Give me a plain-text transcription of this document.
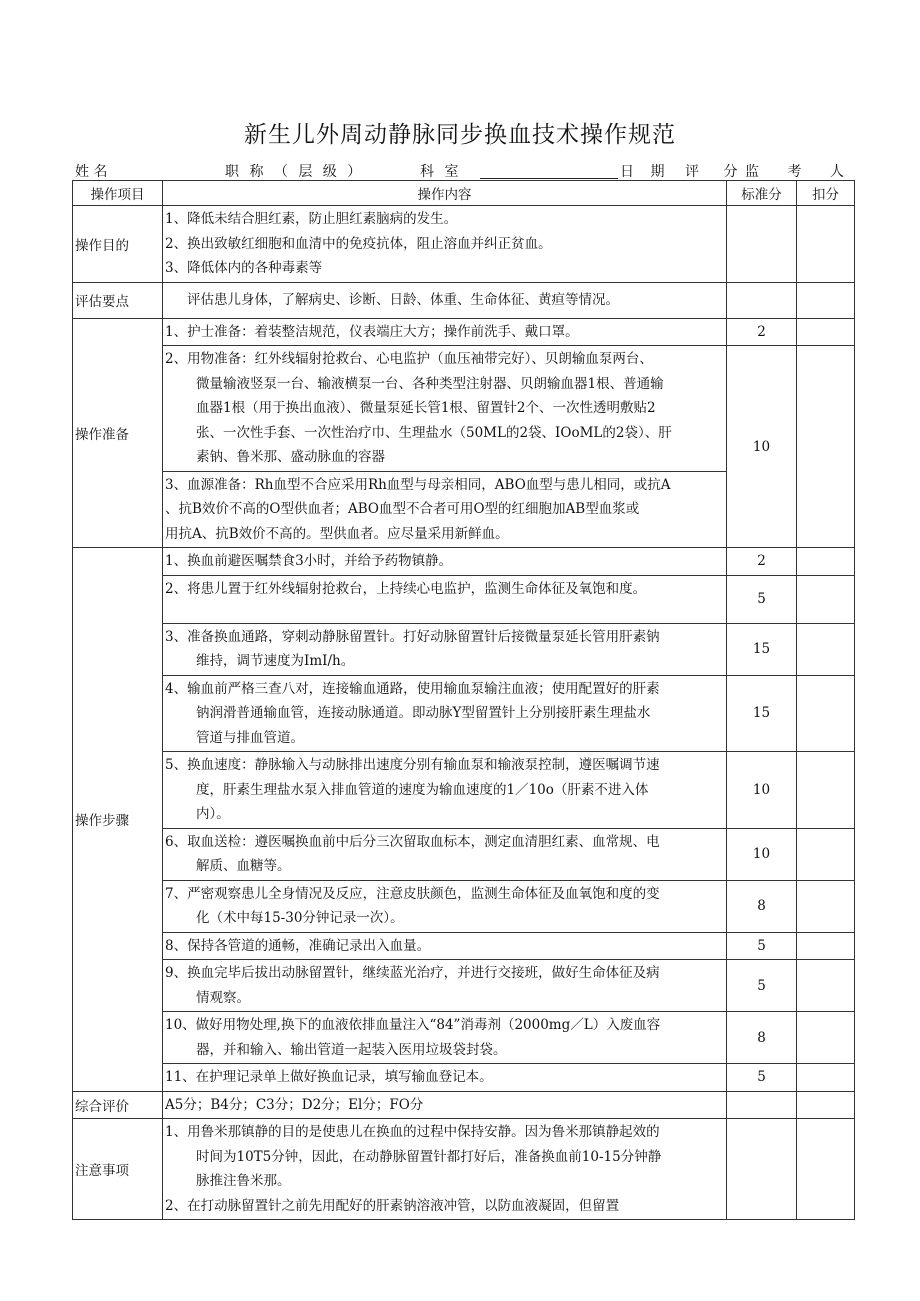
新生儿外周动静脉同步换血技术操作规范
姓 名	职 称 （ 层 级 ）	科 室	日 期 评 分
监 考 人
操作项目	操作内容	标准分	扣分
操作目的	1、降低未结合胆红素，防止胆红素脑病的发生。
2、换出致敏红细胞和血清中的免疫抗体，阻止溶血并纠正贫血。
3、降低体内的各种毒素等		

评估要点	评估患儿身体，了解病史、诊断、日龄、体重、生命体征、黄疸等情况。		

操作准备	1、护士准备：着装整洁规范，仪表端庄大方；操作前洗手、戴口罩。	2	

	2、用物准备：红外线辐射抢救台、心电监护（血压袖带完好）、贝朗输血泵两台、
微量输液竖泵一台、输液横泵一台、各种类型注射器、贝朗输血器1根、普通输
血器1根（用于换出血液）、微量泵延长管1根、留置针2个、一次性透明敷贴2
张、一次性手套、一次性治疗巾、生理盐水（50ML的2袋、IOoML的2袋）、肝
素钠、鲁米那、盛动脉血的容器	10	

	3、血源准备：Rh血型不合应采用Rh血型与母亲相同，ABO血型与患儿相同，或抗A
、抗B效价不高的O型供血者；ABO血型不合者可用O型的红细胞加AB型血浆或
用抗A、抗B效价不高的。型供血者。应尽量采用新鲜血。		

操作步骤	1、换血前避医嘱禁食3小时，并给予药物镇静。	2	

	2、将患儿置于红外线辐射抢救台，上持续心电监护，监测生命体征及氧饱和度。	5	

	3、准备换血通路，穿刺动静脉留置针。打好动脉留置针后接微量泵延长管用肝素钠
维持，调节速度为ImI/h。	15	

	4、输血前严格三查八对，连接输血通路，使用输血泵输注血液；使用配置好的肝素
钠润滑普通输血管，连接动脉通道。即动脉Y型留置针上分别接肝素生理盐水
管道与排血管道。	15	

	5、换血速度：静脉输入与动脉排出速度分别有输血泵和输液泵控制，遵医嘱调节速
度，肝素生理盐水泵入排血管道的速度为输血速度的1／10o（肝素不进入体
内）。	10	

	6、取血送检：遵医嘱换血前中后分三次留取血标本，测定血清胆红素、血常规、电
解质、血糖等。	10	

	7、严密观察患儿全身情况及反应，注意皮肤颜色，监测生命体征及血氧饱和度的变
化（术中每15-30分钟记录一次）。	8	

	8、保持各管道的通畅，准确记录出入血量。	5	

	9、换血完毕后拔出动脉留置针，继续蓝光治疗，并进行交接班，做好生命体征及病
情观察。	5	

	10、做好用物处理,换下的血液依排血量注入“84”消毒剂（2000mg／L）入废血容
器，并和输入、输出管道一起装入医用垃圾袋封袋。	8	

	11、在护理记录单上做好换血记录，填写输血登记本。	5	
综合评价	A5分；B4分；C3分；D2分；El分；FO分		

注意事项	1、用鲁米那镇静的目的是使患儿在换血的过程中保持安静。因为鲁米那镇静起效的
时间为10T5分钟，因此，在动静脉留置针都打好后，准备换血前10-15分钟静
脉推注鲁米那。
2、在打动脉留置针之前先用配好的肝素钠溶液冲管，以防血液凝固，但留置		
